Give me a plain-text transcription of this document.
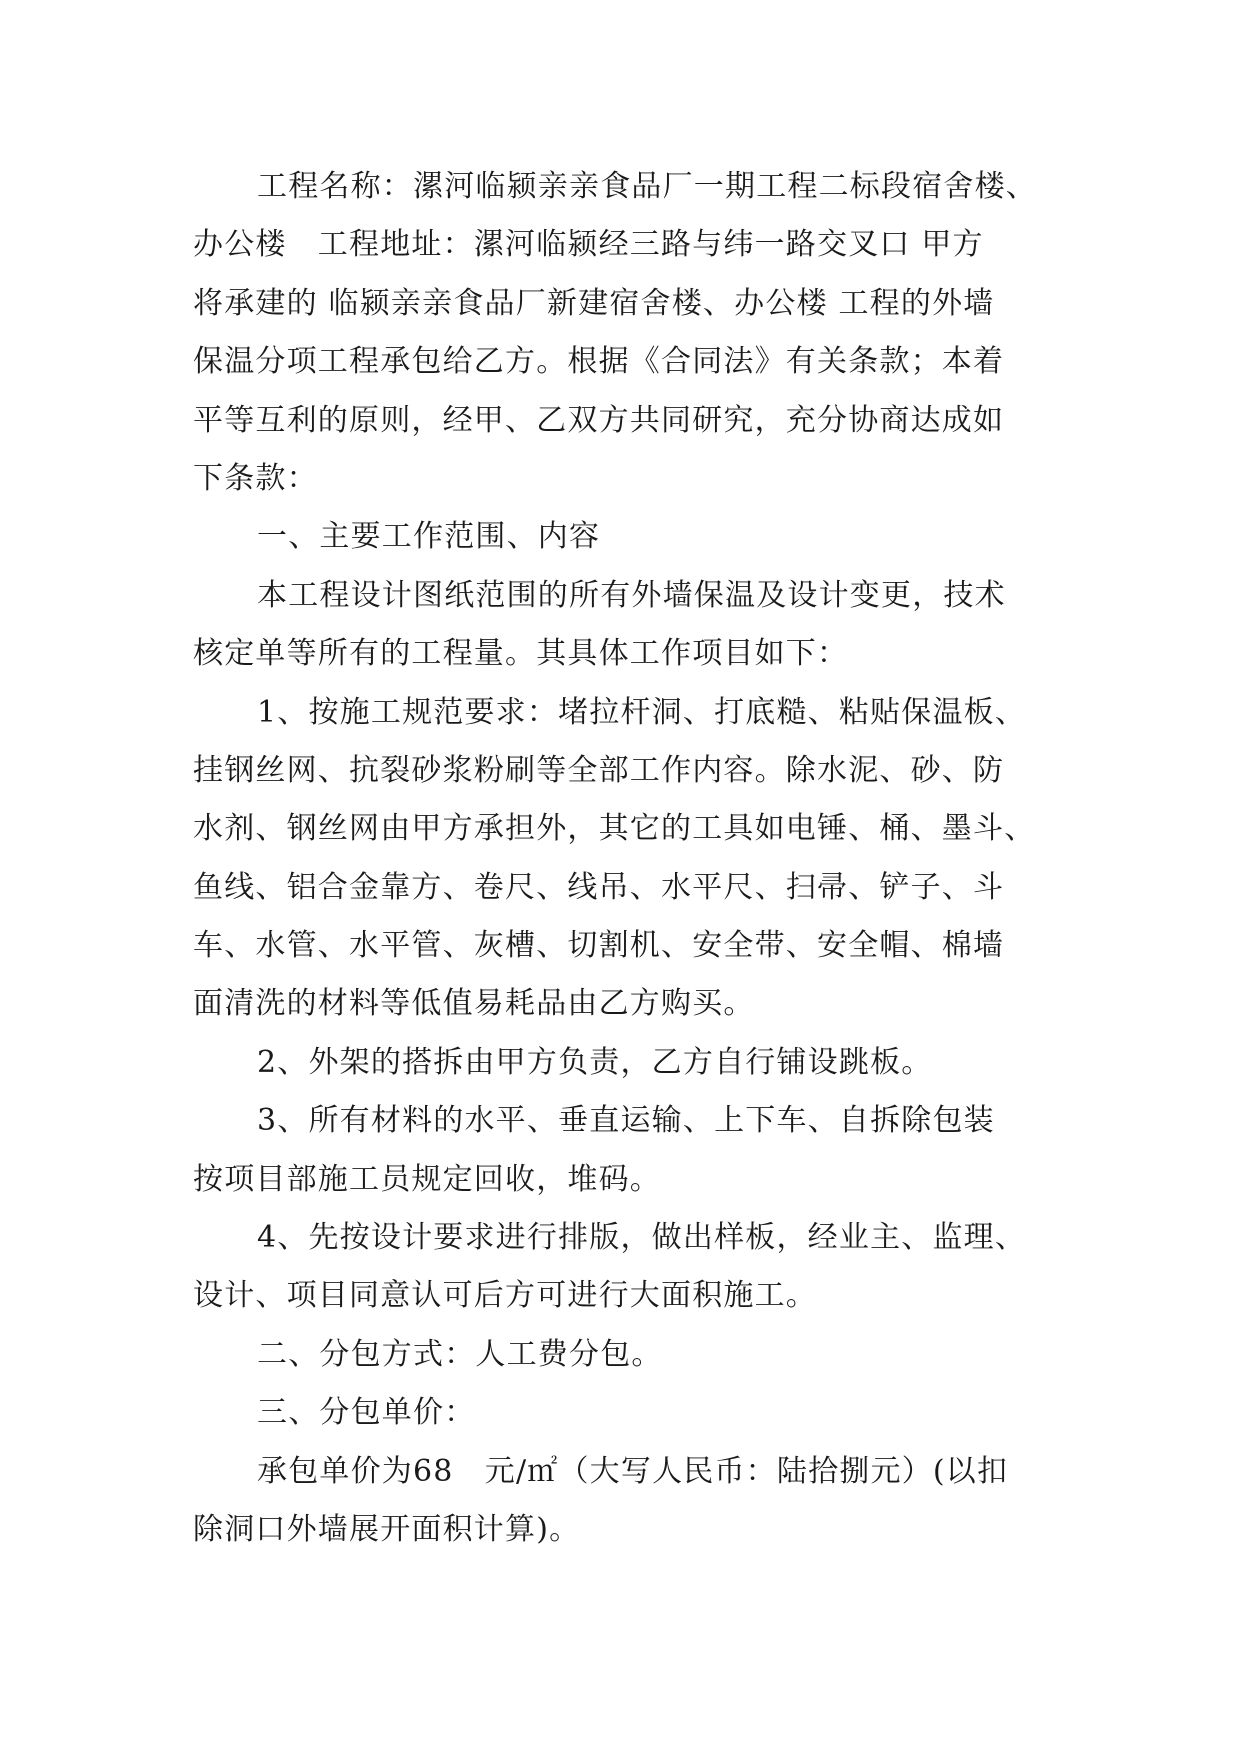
工程名称：漯河临颍亲亲食品厂一期工程二标段宿舍楼、
办公楼　工程地址：漯河临颍经三路与纬一路交叉口 甲方
将承建的 临颍亲亲食品厂新建宿舍楼、办公楼 工程的外墙
保温分项工程承包给乙方。根据《合同法》有关条款；本着
平等互利的原则，经甲、乙双方共同研究，充分协商达成如
下条款：
一、主要工作范围、内容
本工程设计图纸范围的所有外墙保温及设计变更，技术
核定单等所有的工程量。其具体工作项目如下：
1、按施工规范要求：堵拉杆洞、打底糙、粘贴保温板、
挂钢丝网、抗裂砂浆粉刷等全部工作内容。除水泥、砂、防
水剂、钢丝网由甲方承担外，其它的工具如电锤、桶、墨斗、
鱼线、铝合金靠方、卷尺、线吊、水平尺、扫帚、铲子、斗
车、水管、水平管、灰槽、切割机、安全带、安全帽、棉墙
面清洗的材料等低值易耗品由乙方购买。
2、外架的搭拆由甲方负责，乙方自行铺设跳板。
3、所有材料的水平、垂直运输、上下车、自拆除包装
按项目部施工员规定回收，堆码。
4、先按设计要求进行排版，做出样板，经业主、监理、
设计、项目同意认可后方可进行大面积施工。
二、分包方式：人工费分包。
三、分包单价：
承包单价为68　元/㎡（大写人民币：陆拾捌元）(以扣
除洞口外墙展开面积计算)。
